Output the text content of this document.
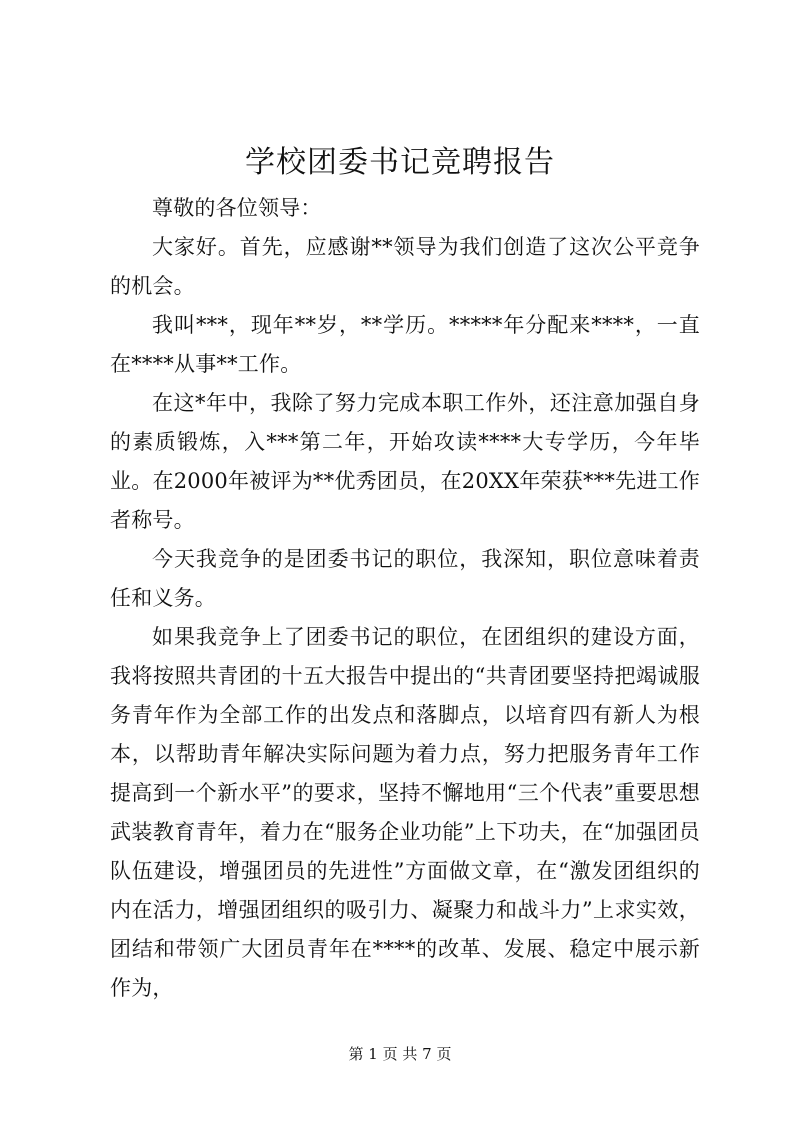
学校团委书记竞聘报告

尊敬的各位领导：

大家好。首先，应感谢**领导为我们创造了这次公平竞争的机会。

我叫***，现年**岁，**学历。*****年分配来****，一直在****从事**工作。

在这*年中，我除了努力完成本职工作外，还注意加强自身的素质锻炼，入***第二年，开始攻读****大专学历，今年毕业。在2000年被评为**优秀团员，在20XX年荣获***先进工作者称号。

今天我竞争的是团委书记的职位，我深知，职位意味着责任和义务。

如果我竞争上了团委书记的职位，在团组织的建设方面，我将按照共青团的十五大报告中提出的“共青团要坚持把竭诚服务青年作为全部工作的出发点和落脚点，以培育四有新人为根本，以帮助青年解决实际问题为着力点，努力把服务青年工作提高到一个新水平”的要求，坚持不懈地用“三个代表”重要思想武装教育青年，着力在“服务企业功能”上下功夫，在“加强团员队伍建设，增强团员的先进性”方面做文章，在“激发团组织的内在活力，增强团组织的吸引力、凝聚力和战斗力”上求实效，团结和带领广大团员青年在****的改革、发展、稳定中展示新作为，

第 1 页 共 7 页
